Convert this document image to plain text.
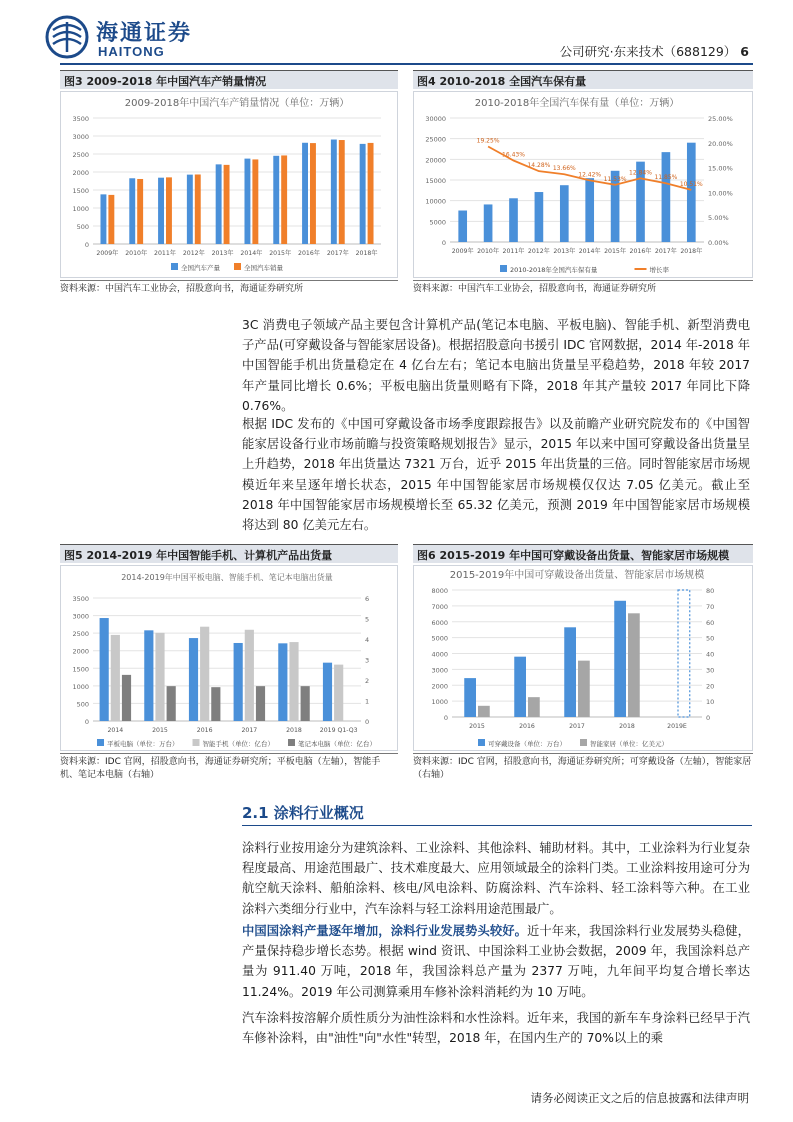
海通证券
HAITONG	公司研究·东来技术（688129） 6
图3 2009-2018 年中国汽车产销量情况
2009-2018年中国汽车产销量情况（单位：万辆）
0
500
1000
1500
2000
2500
3000
3500
2009年 2010年 2011年 2012年 2013年 2014年 2015年 2016年 2017年 2018年
全国汽车产量	全国汽车销量
资料来源：中国汽车工业协会，招股意向书，海通证券研究所
图4 2010-2018 全国汽车保有量
2010-2018年全国汽车保有量（单位：万辆）
0
5000
10000
15000
20000
25000
30000
0.00%
5.00%
10.00%
15.00%
20.00%
25.00%
2009年 2010年 2011年 2012年 2013年 2014年 2015年 2016年 2017年 2018年
19.25%
16.43%
14.28% 13.66%
12.42%
11.53%
12.84%
11.85%
10.51%
2010-2018年全国汽车保有量	增长率
资料来源：中国汽车工业协会，招股意向书，海通证券研究所
3C 消费电子领域产品主要包含计算机产品(笔记本电脑、平板电脑)、智能手机、新型消费电子产品(可穿戴设备与智能家居设备)。根据招股意向书援引 IDC 官网数据，2014 年-2018 年中国智能手机出货量稳定在 4 亿台左右；笔记本电脑出货量呈平稳趋势，2018 年较 2017 年产量同比增长 0.6%；平板电脑出货量则略有下降，2018 年其产量较 2017 年同比下降 0.76%。
根据 IDC 发布的《中国可穿戴设备市场季度跟踪报告》以及前瞻产业研究院发布的《中国智能家居设备行业市场前瞻与投资策略规划报告》显示，2015 年以来中国可穿戴设备出货量呈上升趋势，2018 年出货量达 7321 万台，近乎 2015 年出货量的三倍。同时智能家居市场规模近年来呈逐年增长状态，2015 年中国智能家居市场规模仅仅达 7.05 亿美元。截止至 2018 年中国智能家居市场规模增长至 65.32 亿美元，预测 2019 年中国智能家居市场规模将达到 80 亿美元左右。
图5 2014-2019 年中国智能手机、计算机产品出货量
2014-2019年中国平板电脑、智能手机、笔记本电脑出货量
0
500
1000
1500
2000
2500
3000
3500
0
1
2
3
4
5
6
2014	2015	2016	2017	2018	2019 Q1-Q3
平板电脑（单位：万台）	智能手机（单位：亿台）	笔记本电脑（单位：亿台）
资料来源：IDC 官网，招股意向书，海通证券研究所；平板电脑（左轴），智能手机、笔记本电脑（右轴）
图6 2015-2019 年中国可穿戴设备出货量、智能家居市场规模
2015-2019年中国可穿戴设备出货量、智能家居市场规模
0
1000
2000
3000
4000
5000
6000
7000
8000
0
10
20
30
40
50
60
70
80
2015	2016	2017	2018	2019E
可穿戴设备（单位：万台）	智能家居（单位：亿美元）
资料来源：IDC 官网，招股意向书，海通证券研究所；可穿戴设备（左轴），智能家居（右轴）
2.1 涂料行业概况
涂料行业按用途分为建筑涂料、工业涂料、其他涂料、辅助材料。其中，工业涂料为行业复杂程度最高、用途范围最广、技术难度最大、应用领域最全的涂料门类。工业涂料按用途可分为航空航天涂料、船舶涂料、核电/风电涂料、防腐涂料、汽车涂料、轻工涂料等六种。在工业涂料六类细分行业中，汽车涂料与轻工涂料用途范围最广。
中国国涂料产量逐年增加，涂料行业发展势头较好。近十年来，我国涂料行业发展势头稳健，产量保持稳步增长态势。根据 wind 资讯、中国涂料工业协会数据，2009 年，我国涂料总产量为 911.40 万吨，2018 年，我国涂料总产量为 2377 万吨，九年间平均复合增长率达 11.24%。2019 年公司测算乘用车修补涂料消耗约为 10 万吨。
汽车涂料按溶解介质性质分为油性涂料和水性涂料。近年来，我国的新车车身涂料已经早于汽车修补涂料，由"油性"向"水性"转型，2018 年，在国内生产的 70%以上的乘
请务必阅读正文之后的信息披露和法律声明
